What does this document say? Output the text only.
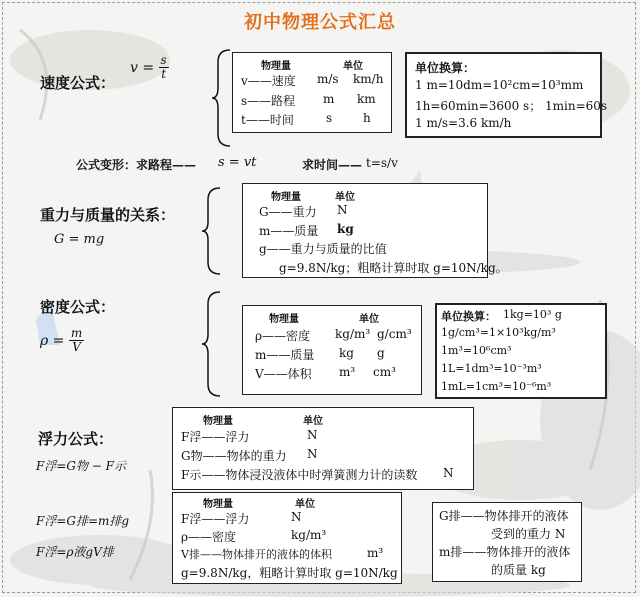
初中物理公式汇总
速度公式：
$v = \frac{s}{t}$	物理量	单位
v——速度 m/s km/h
s——路程 m km
t——时间	s	h
单位换算：
1 m=10dm=10²cm=10³mm
1h=60min=3600 s； 1min=60s
1 m/s=3.6 km/h
公式变形：求路程—— s = vt	求时间—— t=s/v
重力与质量的关系：
G = mg
物理量	单位
G——重力 N
m——质量 kg
g——重力与质量的比值
g=9.8N/kg；粗略计算时取 g=10N/kg。
密度公式：
$\rho = \frac{m}{V}$
物理量	单位
ρ——密度 kg/m³ g/cm³
m——质量 kg g
V——体积 m³ cm³
单位换算： 1kg=10³ g
1g/cm³=1×10³kg/m³
1m³=10⁶cm³
1L=1dm³=10⁻³m³
1mL=1cm³=10⁻⁶m³
浮力公式：
F浮=G物 − F示
F浮=G排=m排g
F浮=ρ液gV排
物理量	单位
F浮——浮力	N
G物——物体的重力 N
F示——物体浸没液体中时弹簧测力计的读数 N
物理量	单位
F浮——浮力	N
ρ——密度	kg/m³
V排——物体排开的液体的体积	m³
g=9.8N/kg，粗略计算时取 g=10N/kg
G排——物体排开的液体
受到的重力 N
m排——物体排开的液体
的质量 kg
